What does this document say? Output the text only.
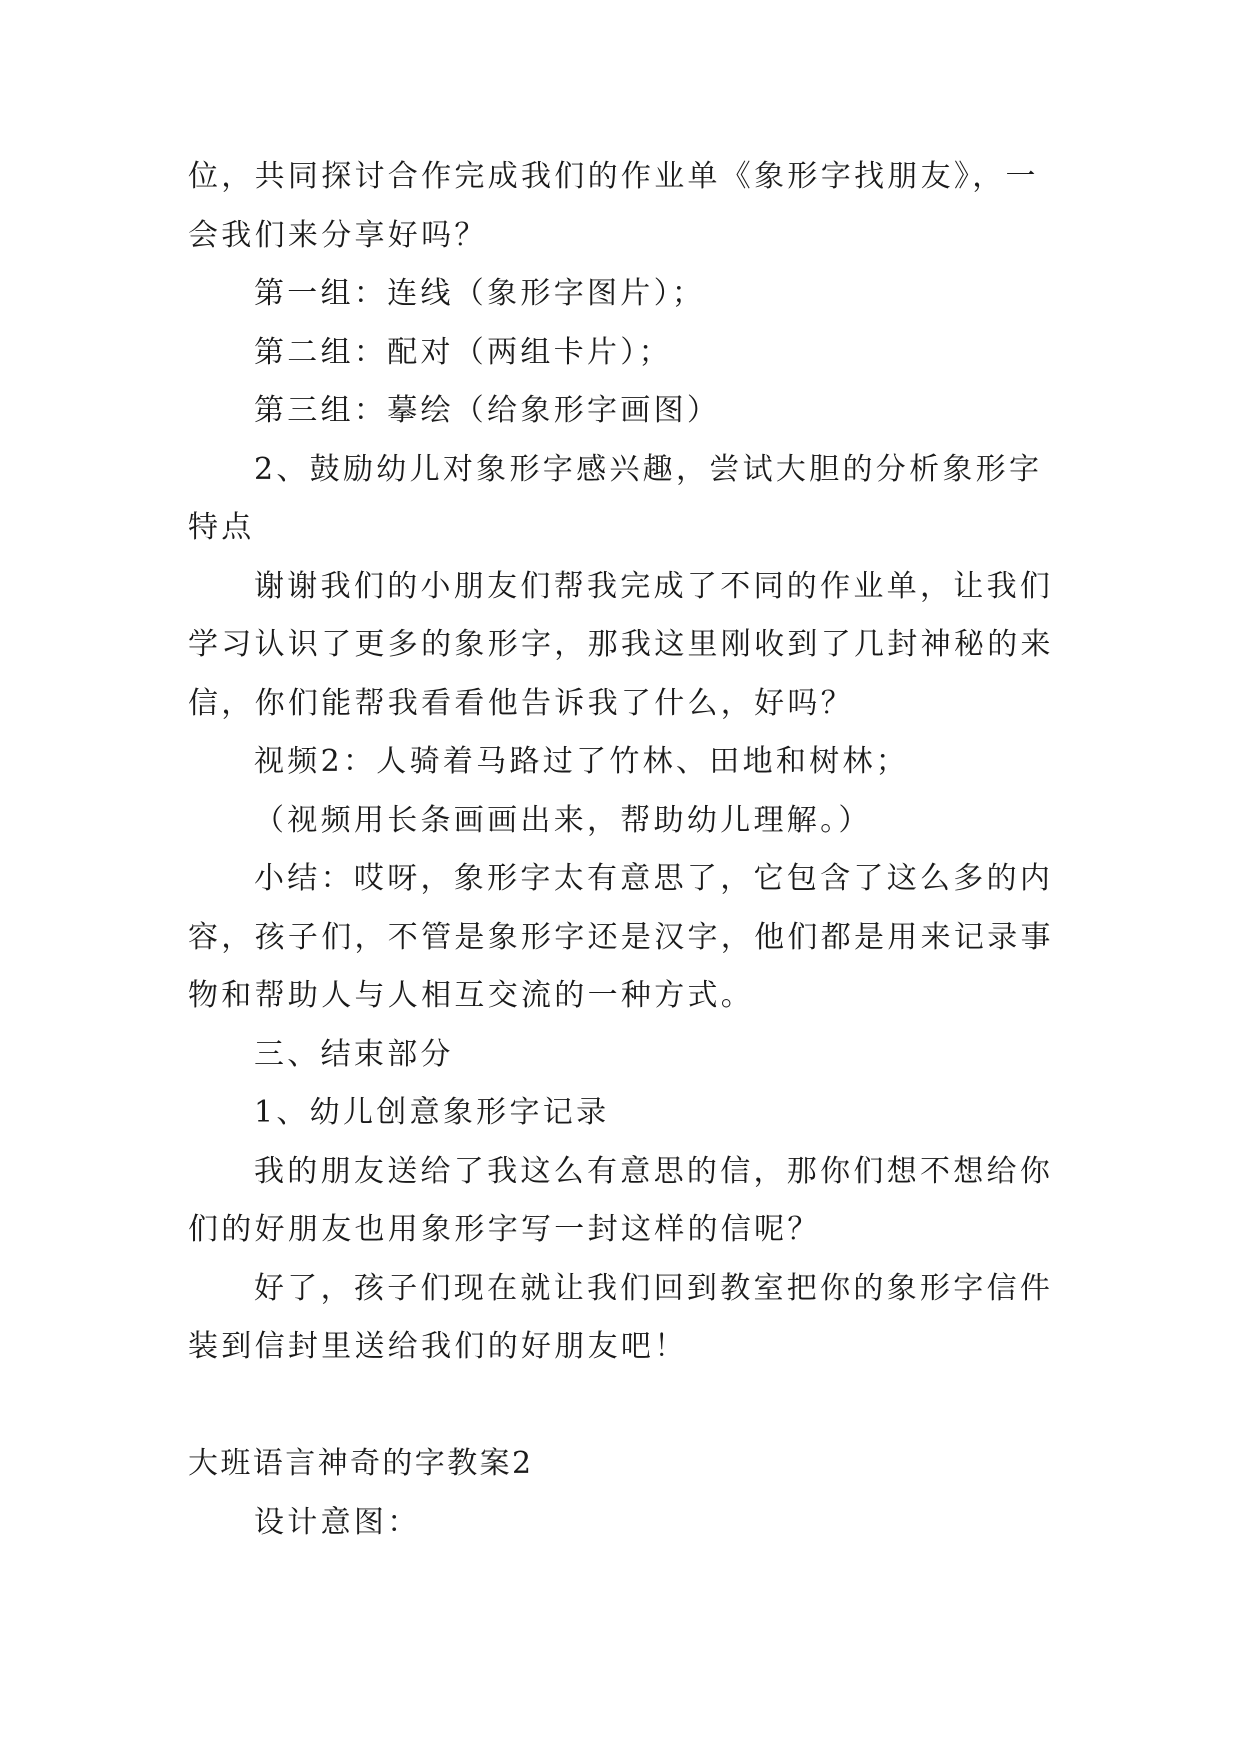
位，共同探讨合作完成我们的作业单《象形字找朋友》，一会我们来分享好吗？

第一组：连线（象形字图片）；

第二组：配对（两组卡片）；

第三组：摹绘（给象形字画图）

2、鼓励幼儿对象形字感兴趣，尝试大胆的分析象形字特点

谢谢我们的小朋友们帮我完成了不同的作业单，让我们学习认识了更多的象形字，那我这里刚收到了几封神秘的来信，你们能帮我看看他告诉我了什么，好吗？

视频2：人骑着马路过了竹林、田地和树林；

（视频用长条画画出来，帮助幼儿理解。）

小结：哎呀，象形字太有意思了，它包含了这么多的内容，孩子们，不管是象形字还是汉字，他们都是用来记录事物和帮助人与人相互交流的一种方式。

三、结束部分

1、幼儿创意象形字记录

我的朋友送给了我这么有意思的信，那你们想不想给你们的好朋友也用象形字写一封这样的信呢？

好了，孩子们现在就让我们回到教室把你的象形字信件装到信封里送给我们的好朋友吧！

大班语言神奇的字教案2

设计意图：
